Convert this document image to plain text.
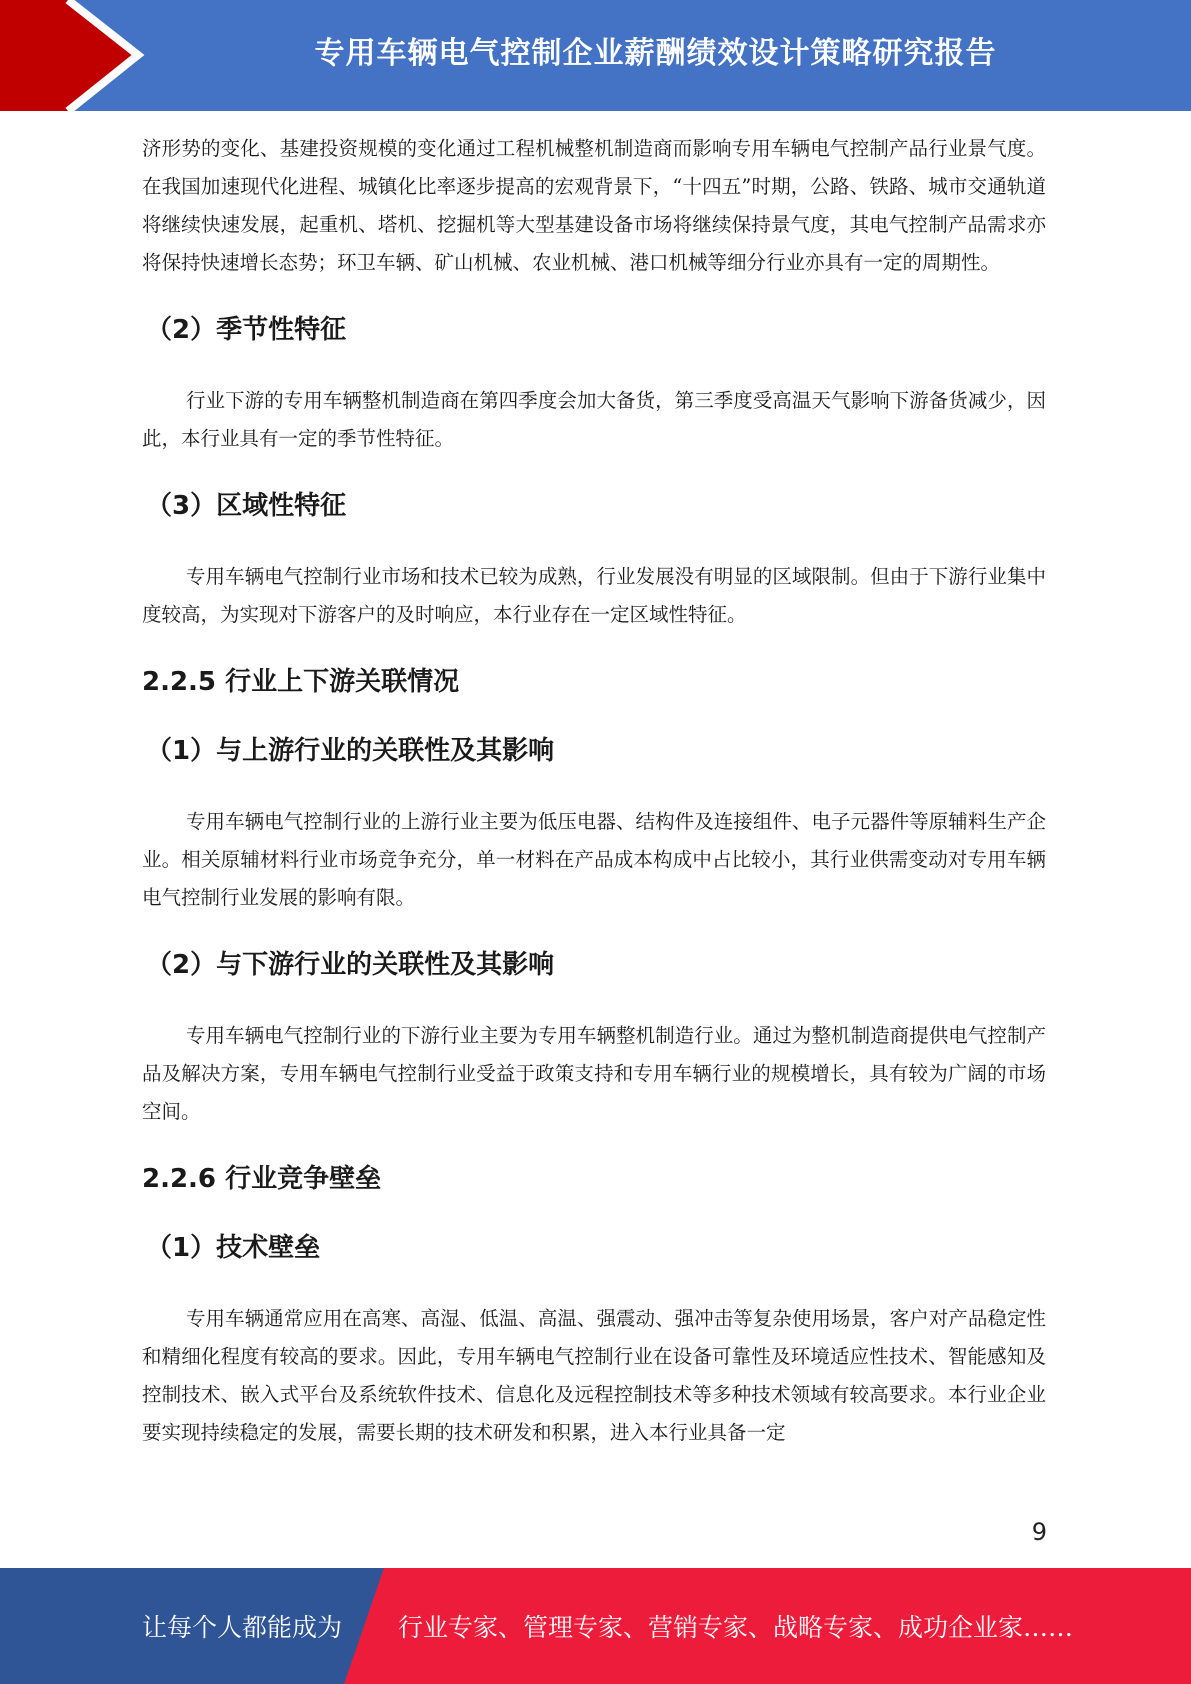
专用车辆电气控制企业薪酬绩效设计策略研究报告

济形势的变化、基建投资规模的变化通过工程机械整机制造商而影响专用车辆电气控制产品行业景气度。在我国加速现代化进程、城镇化比率逐步提高的宏观背景下，“十四五”时期，公路、铁路、城市交通轨道将继续快速发展，起重机、塔机、挖掘机等大型基建设备市场将继续保持景气度，其电气控制产品需求亦将保持快速增长态势；环卫车辆、矿山机械、农业机械、港口机械等细分行业亦具有一定的周期性。

（2）季节性特征

行业下游的专用车辆整机制造商在第四季度会加大备货，第三季度受高温天气影响下游备货减少，因此，本行业具有一定的季节性特征。

（3）区域性特征

专用车辆电气控制行业市场和技术已较为成熟，行业发展没有明显的区域限制。但由于下游行业集中度较高，为实现对下游客户的及时响应，本行业存在一定区域性特征。

2.2.5 行业上下游关联情况
（1）与上游行业的关联性及其影响

专用车辆电气控制行业的上游行业主要为低压电器、结构件及连接组件、电子元器件等原辅料生产企业。相关原辅材料行业市场竞争充分，单一材料在产品成本构成中占比较小，其行业供需变动对专用车辆电气控制行业发展的影响有限。

（2）与下游行业的关联性及其影响

专用车辆电气控制行业的下游行业主要为专用车辆整机制造行业。通过为整机制造商提供电气控制产品及解决方案，专用车辆电气控制行业受益于政策支持和专用车辆行业的规模增长，具有较为广阔的市场空间。

2.2.6 行业竞争壁垒
（1）技术壁垒

专用车辆通常应用在高寒、高湿、低温、高温、强震动、强冲击等复杂使用场景，客户对产品稳定性和精细化程度有较高的要求。因此，专用车辆电气控制行业在设备可靠性及环境适应性技术、智能感知及控制技术、嵌入式平台及系统软件技术、信息化及远程控制技术等多种技术领域有较高要求。本行业企业要实现持续稳定的发展，需要长期的技术研发和积累，进入本行业具备一定

9
让每个人都能成为 行业专家、管理专家、营销专家、战略专家、成功企业家……
